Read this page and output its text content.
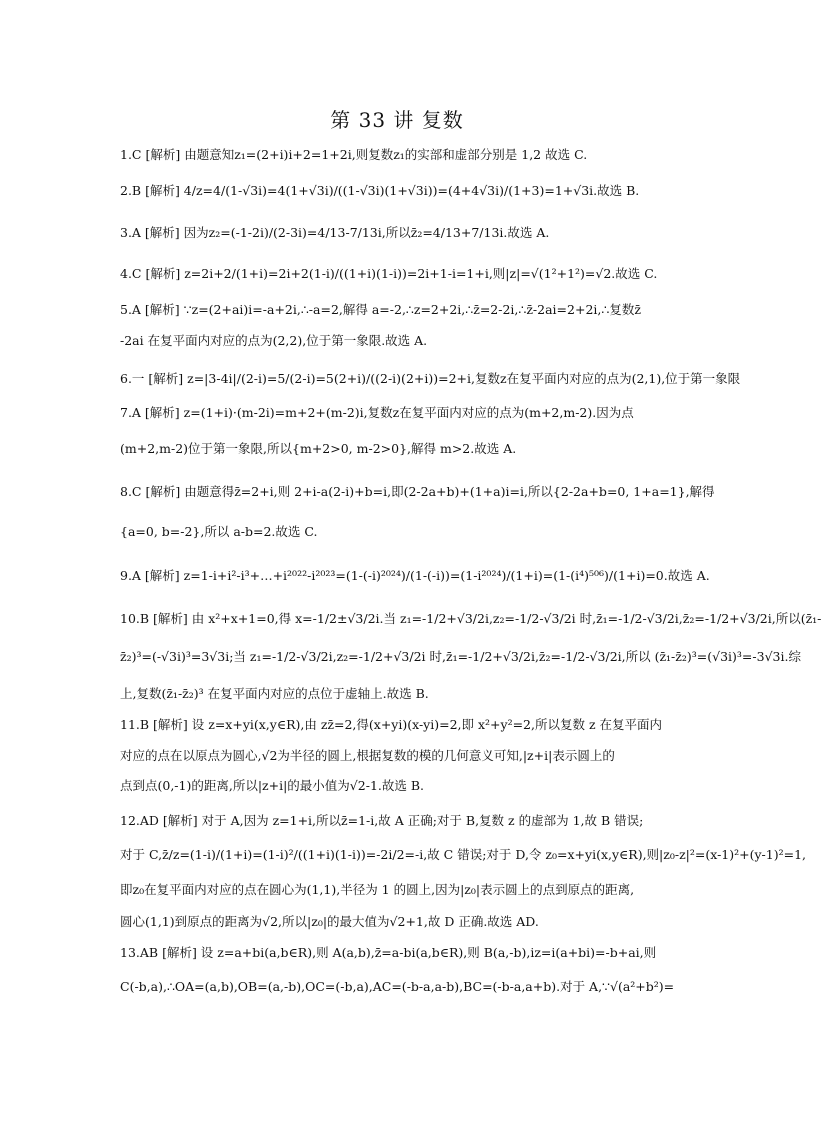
第 33 讲 复数
1.C [解析] 由题意知z₁=(2+i)i+2=1+2i,则复数z₁的实部和虚部分别是 1,2 故选 C.
2.B [解析] 4/z=4/(1-√3i)=4(1+√3i)/((1-√3i)(1+√3i))=(4+4√3i)/(1+3)=1+√3i.故选 B.
3.A [解析] 因为z₂=(-1-2i)/(2-3i)=4/13-7/13i,所以z̄₂=4/13+7/13i.故选 A.
4.C [解析] z=2i+2/(1+i)=2i+2(1-i)/((1+i)(1-i))=2i+1-i=1+i,则|z|=√(1²+1²)=√2.故选 C.
5.A [解析] ∵z=(2+ai)i=-a+2i,∴-a=2,解得 a=-2,∴z=2+2i,∴z̄=2-2i,∴z̄-2ai=2+2i,∴复数z̄
-2ai 在复平面内对应的点为(2,2),位于第一象限.故选 A.
6.一 [解析] z=|3-4i|/(2-i)=5/(2-i)=5(2+i)/((2-i)(2+i))=2+i,复数z在复平面内对应的点为(2,1),位于第一象限
7.A [解析] z=(1+i)·(m-2i)=m+2+(m-2)i,复数z在复平面内对应的点为(m+2,m-2).因为点
(m+2,m-2)位于第一象限,所以{m+2>0, m-2>0},解得 m>2.故选 A.
8.C [解析] 由题意得z̄=2+i,则 2+i-a(2-i)+b=i,即(2-2a+b)+(1+a)i=i,所以{2-2a+b=0, 1+a=1},解得
{a=0, b=-2},所以 a-b=2.故选 C.
9.A [解析] z=1-i+i²-i³+…+i²⁰²²-i²⁰²³=(1-(-i)²⁰²⁴)/(1-(-i))=(1-i²⁰²⁴)/(1+i)=(1-(i⁴)⁵⁰⁶)/(1+i)=0.故选 A.
10.B [解析] 由 x²+x+1=0,得 x=-1/2±√3/2i.当 z₁=-1/2+√3/2i,z₂=-1/2-√3/2i 时,z̄₁=-1/2-√3/2i,z̄₂=-1/2+√3/2i,所以(z̄₁-
z̄₂)³=(-√3i)³=3√3i;当 z₁=-1/2-√3/2i,z₂=-1/2+√3/2i 时,z̄₁=-1/2+√3/2i,z̄₂=-1/2-√3/2i,所以 (z̄₁-z̄₂)³=(√3i)³=-3√3i.综
上,复数(z̄₁-z̄₂)³ 在复平面内对应的点位于虚轴上.故选 B.
11.B [解析] 设 z=x+yi(x,y∈R),由 zz̄=2,得(x+yi)(x-yi)=2,即 x²+y²=2,所以复数 z 在复平面内
对应的点在以原点为圆心,√2为半径的圆上,根据复数的模的几何意义可知,|z+i|表示圆上的
点到点(0,-1)的距离,所以|z+i|的最小值为√2-1.故选 B.
12.AD [解析] 对于 A,因为 z=1+i,所以z̄=1-i,故 A 正确;对于 B,复数 z 的虚部为 1,故 B 错误;
对于 C,z̄/z=(1-i)/(1+i)=(1-i)²/((1+i)(1-i))=-2i/2=-i,故 C 错误;对于 D,令 z₀=x+yi(x,y∈R),则|z₀-z|²=(x-1)²+(y-1)²=1,
即z₀在复平面内对应的点在圆心为(1,1),半径为 1 的圆上,因为|z₀|表示圆上的点到原点的距离,
圆心(1,1)到原点的距离为√2,所以|z₀|的最大值为√2+1,故 D 正确.故选 AD.
13.AB [解析] 设 z=a+bi(a,b∈R),则 A(a,b),z̄=a-bi(a,b∈R),则 B(a,-b),iz=i(a+bi)=-b+ai,则
C(-b,a),∴OA=(a,b),OB=(a,-b),OC=(-b,a),AC=(-b-a,a-b),BC=(-b-a,a+b).对于 A,∵√(a²+b²)=
